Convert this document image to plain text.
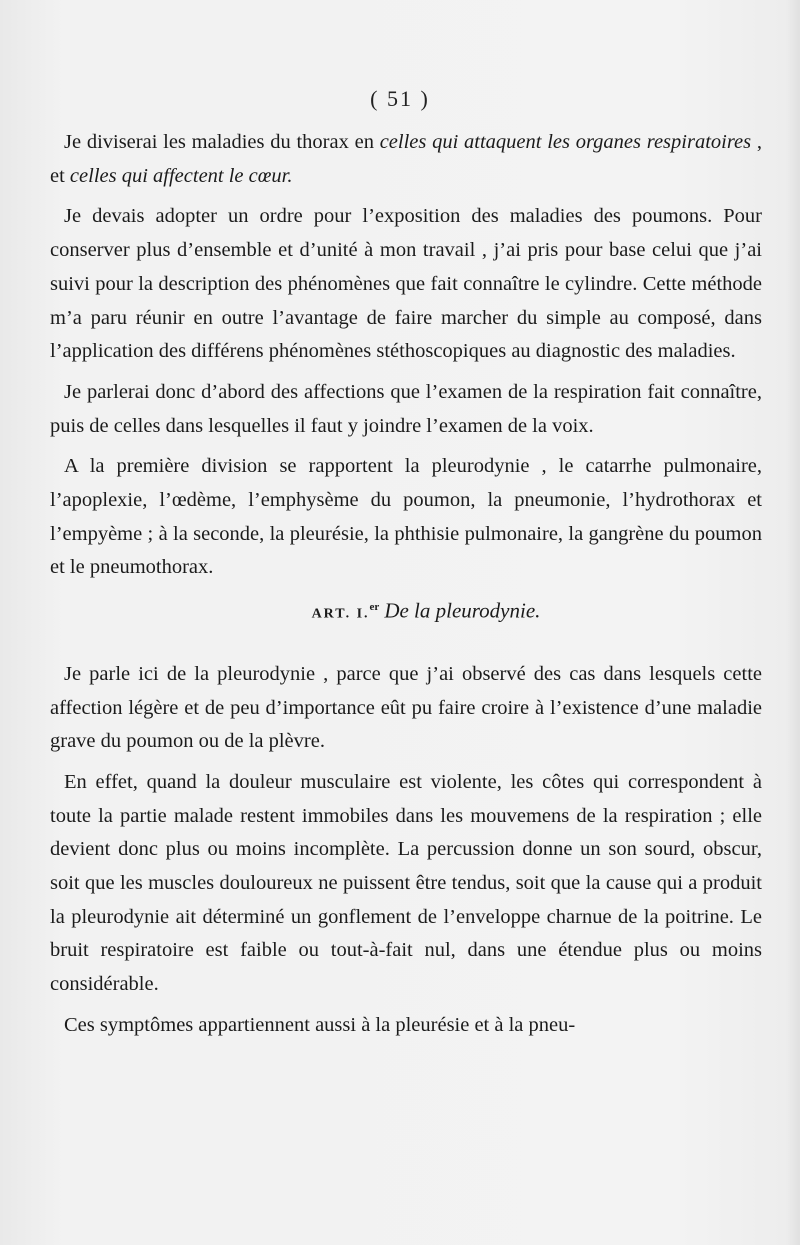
( 51 )

Je diviserai les maladies du thorax en celles qui attaquent les organes respiratoires , et celles qui affectent le cœur.

Je devais adopter un ordre pour l’exposition des maladies des poumons. Pour conserver plus d’ensemble et d’unité à mon travail , j’ai pris pour base celui que j’ai suivi pour la description des phénomènes que fait connaître le cylindre. Cette méthode m’a paru réunir en outre l’avantage de faire marcher du simple au composé, dans l’application des différens phénomènes stéthoscopiques au diagnostic des maladies.

Je parlerai donc d’abord des affections que l’examen de la respiration fait connaître, puis de celles dans lesquelles il faut y joindre l’examen de la voix.

A la première division se rapportent la pleurodynie , le catarrhe pulmonaire, l’apoplexie, l’œdème, l’emphysème du poumon, la pneumonie, l’hydrothorax et l’empyème ; à la seconde, la pleurésie, la phthisie pulmonaire, la gangrène du poumon et le pneumothorax.

ART. I.$^{er}$ De la pleurodynie.

Je parle ici de la pleurodynie , parce que j’ai observé des cas dans lesquels cette affection légère et de peu d’importance eût pu faire croire à l’existence d’une maladie grave du poumon ou de la plèvre.

En effet, quand la douleur musculaire est violente, les côtes qui correspondent à toute la partie malade restent immobiles dans les mouvemens de la respiration ; elle devient donc plus ou moins incomplète. La percussion donne un son sourd, obscur, soit que les muscles douloureux ne puissent être tendus, soit que la cause qui a produit la pleurodynie ait déterminé un gonflement de l’enveloppe charnue de la poitrine. Le bruit respiratoire est faible ou tout-à-fait nul, dans une étendue plus ou moins considérable.

Ces symptômes appartiennent aussi à la pleurésie et à la pneu-
